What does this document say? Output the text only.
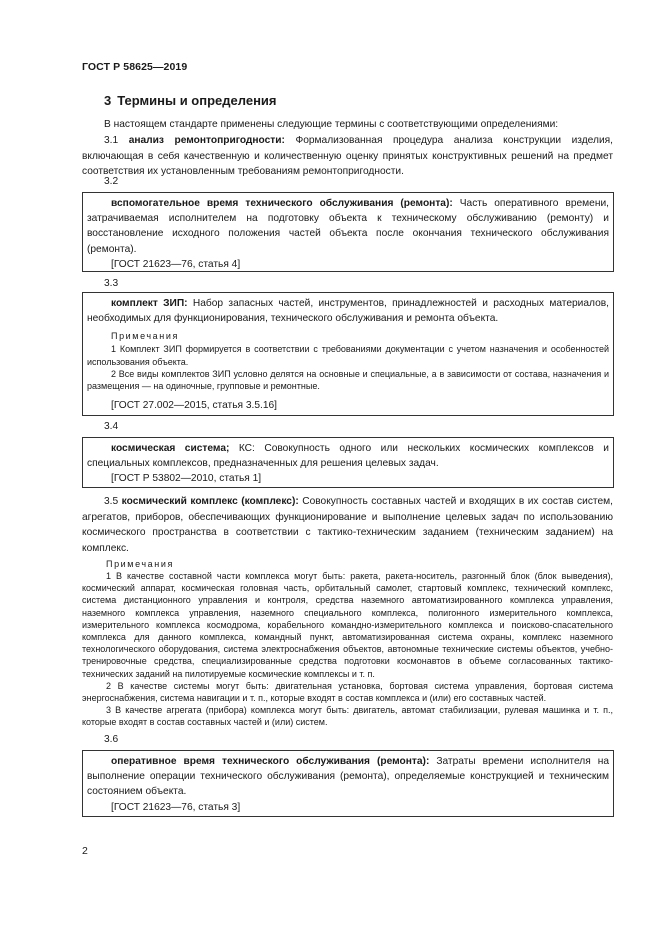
ГОСТ Р 58625—2019
3 Термины и определения
В настоящем стандарте применены следующие термины с соответствующими определениями:
3.1 анализ ремонтопригодности: Формализованная процедура анализа конструкции изделия, включающая в себя качественную и количественную оценку принятых конструктивных решений на предмет соответствия их установленным требованиям ремонтопригодности.
3.2
вспомогательное время технического обслуживания (ремонта): Часть оперативного времени, затрачиваемая исполнителем на подготовку объекта к техническому обслуживанию (ремонту) и восстановление исходного положения частей объекта после окончания технического обслуживания (ремонта).
[ГОСТ 21623—76, статья 4]
3.3
комплект ЗИП: Набор запасных частей, инструментов, принадлежностей и расходных материалов, необходимых для функционирования, технического обслуживания и ремонта объекта.
Примечания
1 Комплект ЗИП формируется в соответствии с требованиями документации с учетом назначения и особенностей использования объекта.
2 Все виды комплектов ЗИП условно делятся на основные и специальные, а в зависимости от состава, назначения и размещения — на одиночные, групповые и ремонтные.
[ГОСТ 27.002—2015, статья 3.5.16]
3.4
космическая система; КС: Совокупность одного или нескольких космических комплексов и специальных комплексов, предназначенных для решения целевых задач.
[ГОСТ Р 53802—2010, статья 1]
3.5 космический комплекс (комплекс): Совокупность составных частей и входящих в их состав систем, агрегатов, приборов, обеспечивающих функционирование и выполнение целевых задач по использованию космического пространства в соответствии с тактико-техническим заданием (техническим заданием) на комплекс.
Примечания
1 В качестве составной части комплекса могут быть: ракета, ракета-носитель, разгонный блок (блок выведения), космический аппарат, космическая головная часть, орбитальный самолет, стартовый комплекс, технический комплекс, система дистанционного управления и контроля, средства наземного автоматизированного комплекса управления, наземного комплекса управления, наземного специального комплекса, полигонного измерительного комплекса, измерительного комплекса космодрома, корабельного командно-измерительного комплекса и поисково-спасательного комплекса для данного комплекса, командный пункт, автоматизированная система охраны, комплекс наземного технологического оборудования, система электроснабжения объектов, автономные технические системы объектов, учебно-тренировочные средства, специализированные средства подготовки космонавтов в объеме согласованных тактико-технических заданий на пилотируемые космические комплексы и т. п.
2 В качестве системы могут быть: двигательная установка, бортовая система управления, бортовая система энергоснабжения, система навигации и т. п., которые входят в состав комплекса и (или) его составных частей.
3 В качестве агрегата (прибора) комплекса могут быть: двигатель, автомат стабилизации, рулевая машинка и т. п., которые входят в состав составных частей и (или) систем.
3.6
оперативное время технического обслуживания (ремонта): Затраты времени исполнителя на выполнение операции технического обслуживания (ремонта), определяемые конструкцией и техническим состоянием объекта.
[ГОСТ 21623—76, статья 3]
2
